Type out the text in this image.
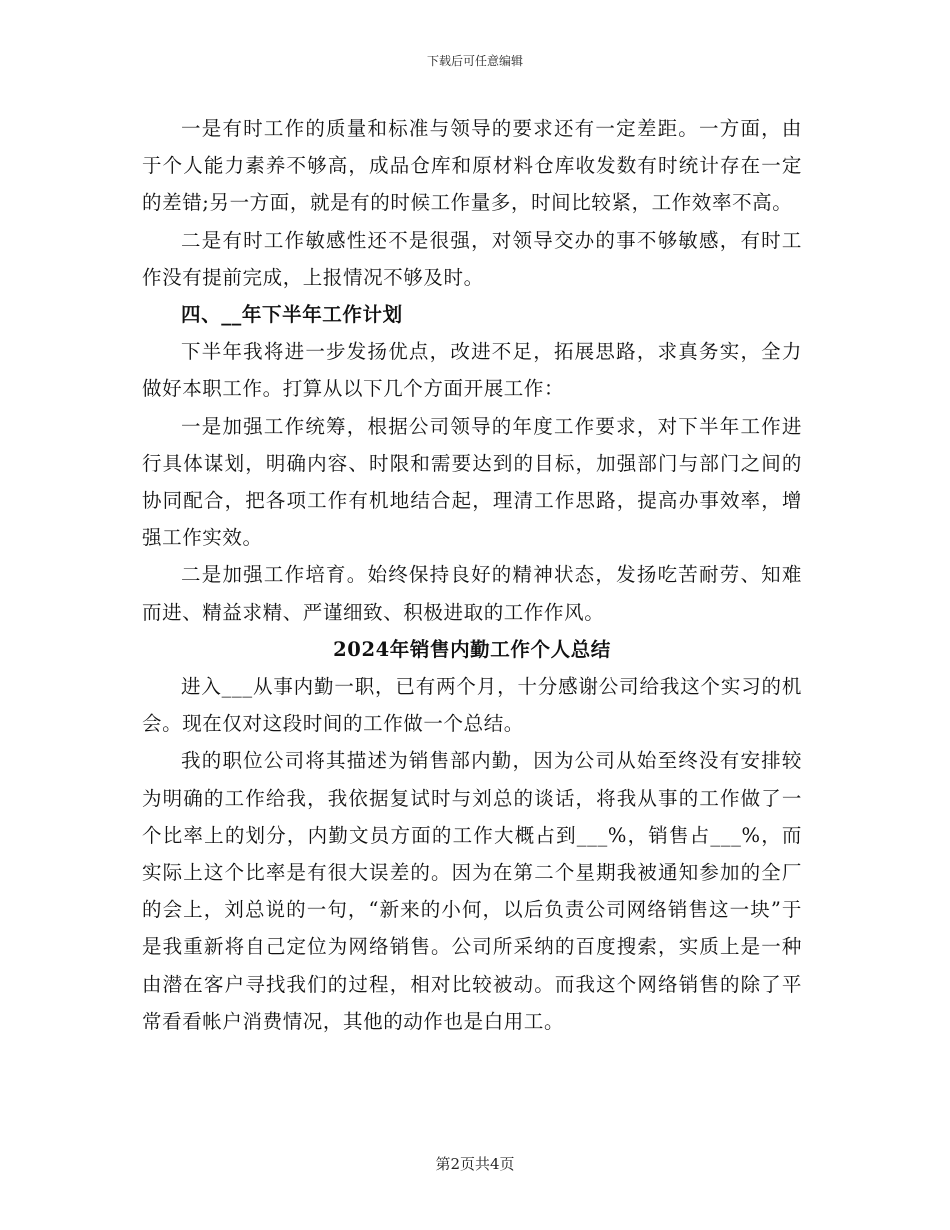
下载后可任意编辑

一是有时工作的质量和标准与领导的要求还有一定差距。一方面，由于个人能力素养不够高，成品仓库和原材料仓库收发数有时统计存在一定的差错;另一方面，就是有的时候工作量多，时间比较紧，工作效率不高。

二是有时工作敏感性还不是很强，对领导交办的事不够敏感，有时工作没有提前完成，上报情况不够及时。

四、__年下半年工作计划

下半年我将进一步发扬优点，改进不足，拓展思路，求真务实，全力做好本职工作。打算从以下几个方面开展工作：

一是加强工作统筹，根据公司领导的年度工作要求，对下半年工作进行具体谋划，明确内容、时限和需要达到的目标，加强部门与部门之间的协同配合，把各项工作有机地结合起，理清工作思路，提高办事效率，增强工作实效。

二是加强工作培育。始终保持良好的精神状态，发扬吃苦耐劳、知难而进、精益求精、严谨细致、积极进取的工作作风。

2024年销售内勤工作个人总结

进入___从事内勤一职，已有两个月，十分感谢公司给我这个实习的机会。现在仅对这段时间的工作做一个总结。

我的职位公司将其描述为销售部内勤，因为公司从始至终没有安排较为明确的工作给我，我依据复试时与刘总的谈话，将我从事的工作做了一个比率上的划分，内勤文员方面的工作大概占到___%，销售占___%，而实际上这个比率是有很大误差的。因为在第二个星期我被通知参加的全厂的会上，刘总说的一句，“新来的小何，以后负责公司网络销售这一块”于是我重新将自己定位为网络销售。公司所采纳的百度搜索，实质上是一种由潜在客户寻找我们的过程，相对比较被动。而我这个网络销售的除了平常看看帐户消费情况，其他的动作也是白用工。

第2页共4页
